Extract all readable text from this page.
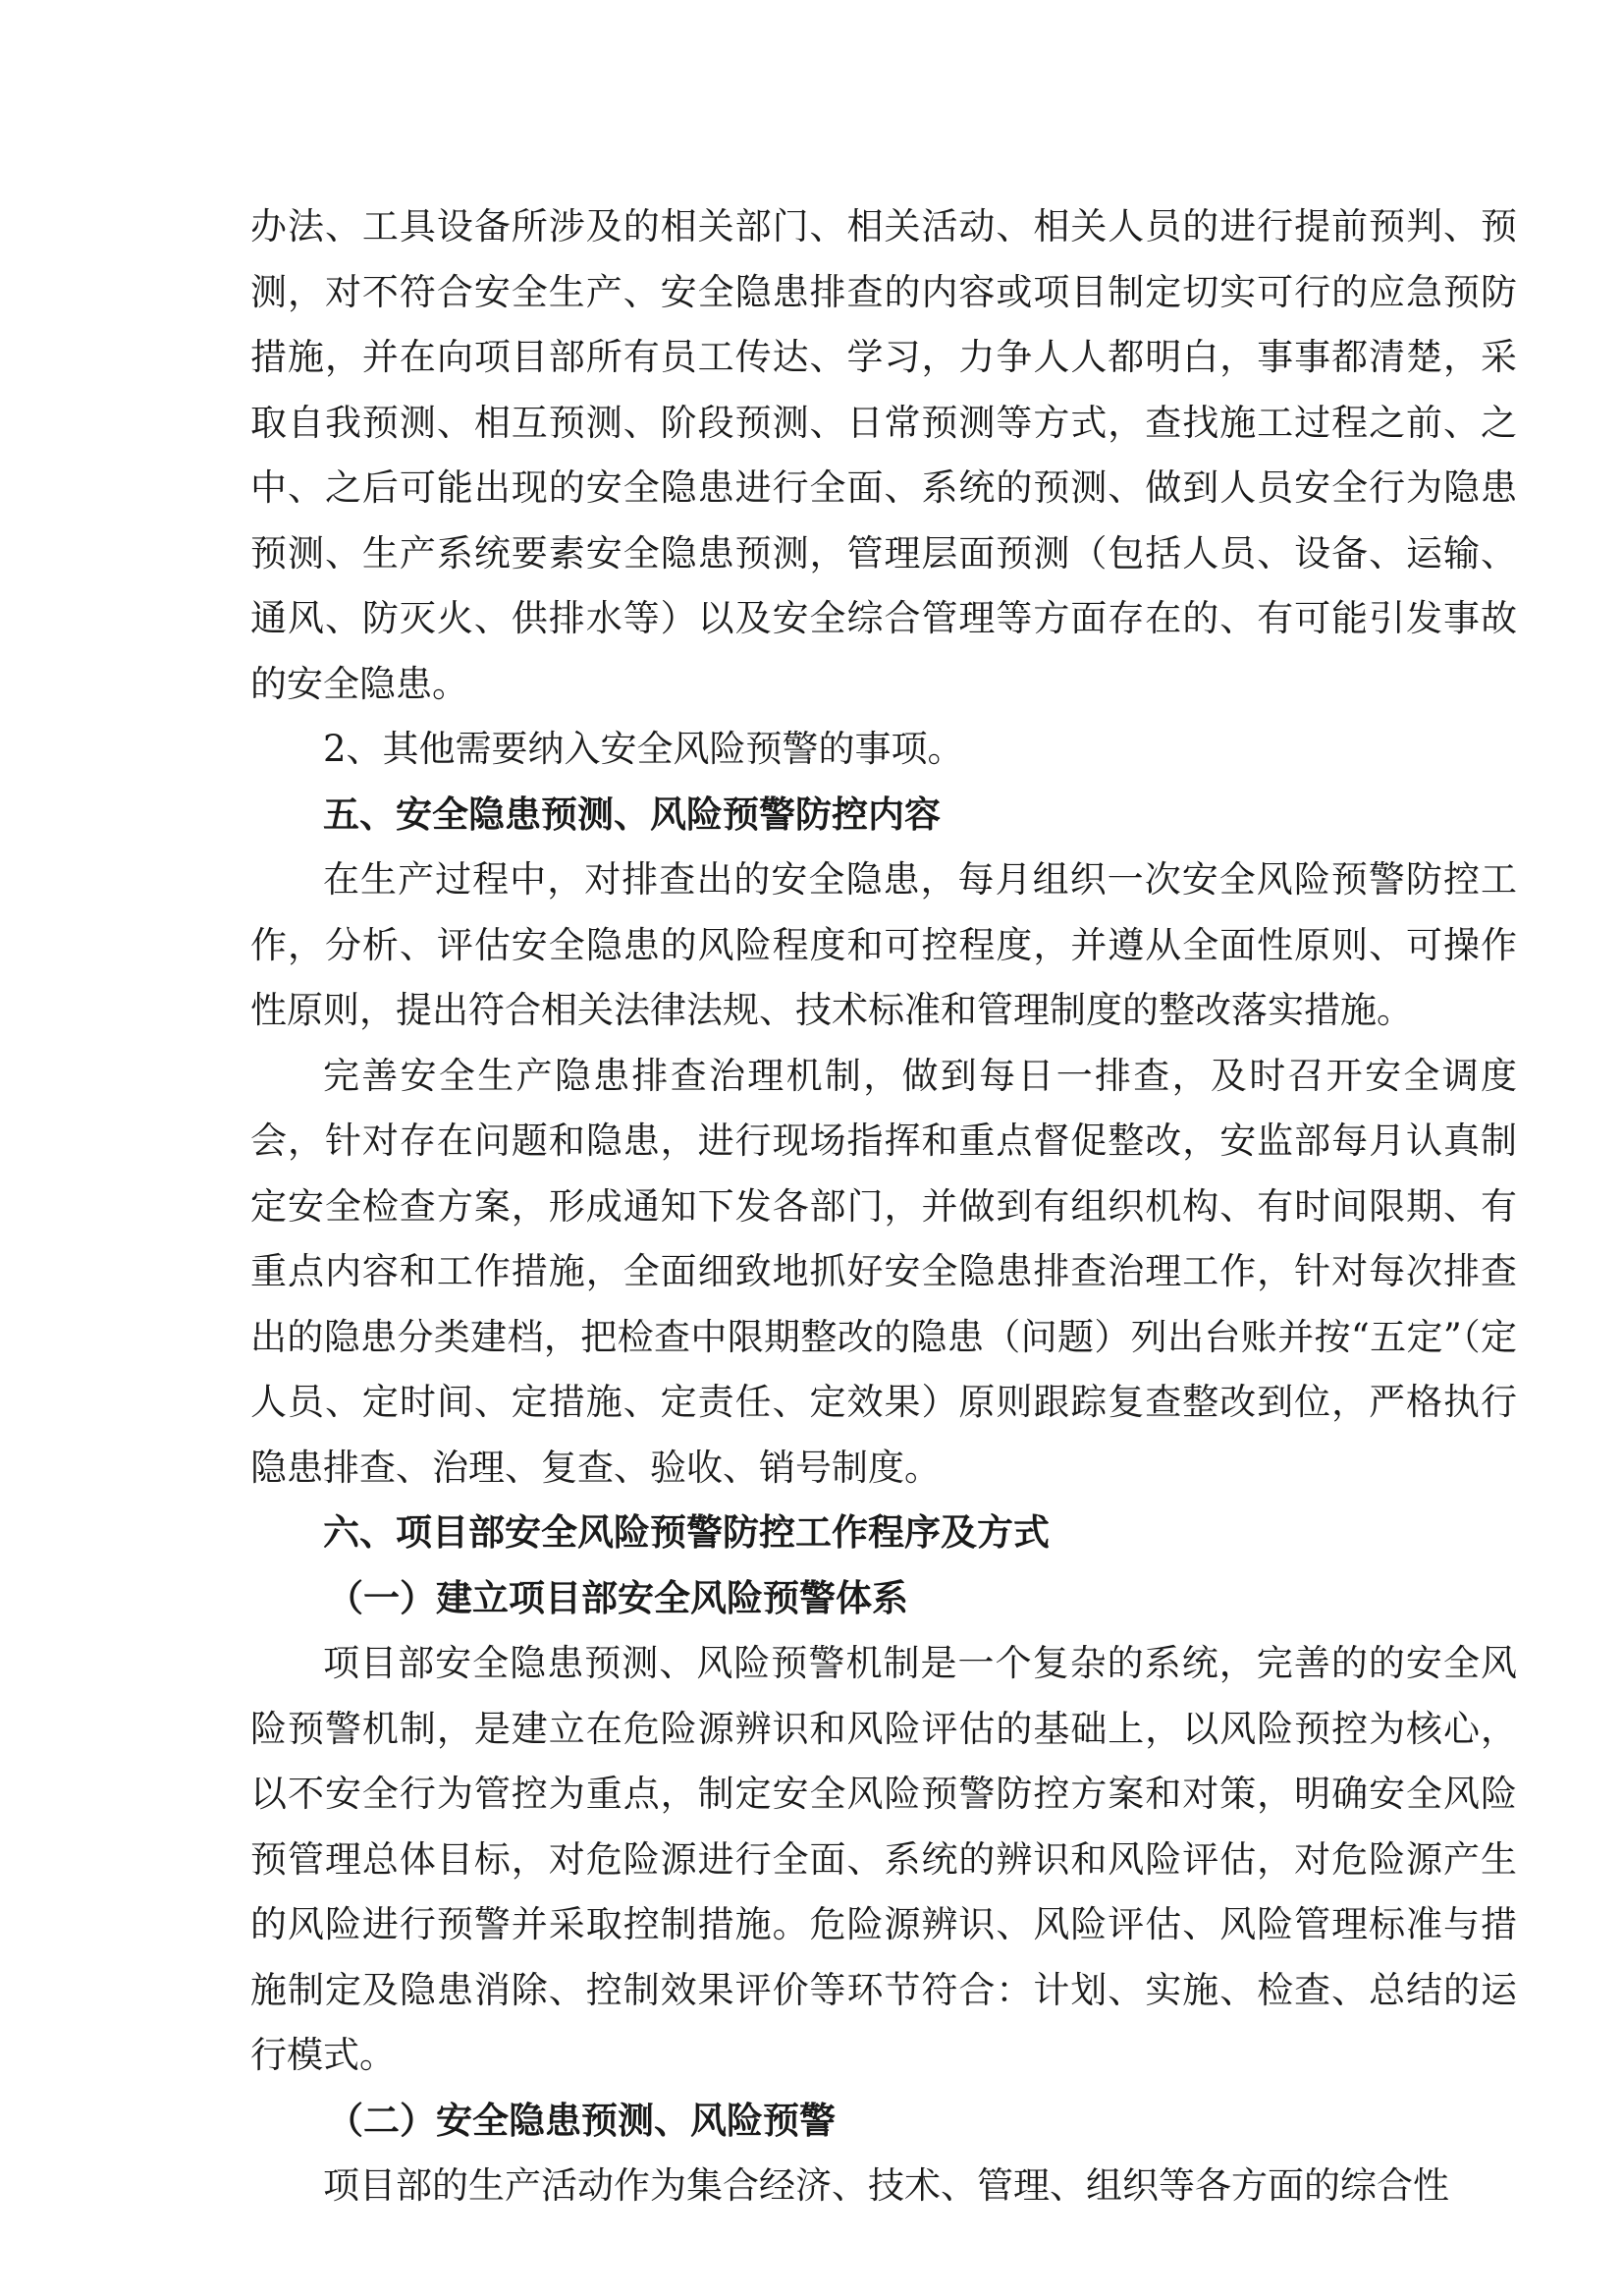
办法、工具设备所涉及的相关部门、相关活动、相关人员的进行提前预判、预测，对不符合安全生产、安全隐患排查的内容或项目制定切实可行的应急预防措施，并在向项目部所有员工传达、学习，力争人人都明白，事事都清楚，采取自我预测、相互预测、阶段预测、日常预测等方式，查找施工过程之前、之中、之后可能出现的安全隐患进行全面、系统的预测、做到人员安全行为隐患预测、生产系统要素安全隐患预测，管理层面预测（包括人员、设备、运输、通风、防灭火、供排水等）以及安全综合管理等方面存在的、有可能引发事故的安全隐患。

2、其他需要纳入安全风险预警的事项。

五、安全隐患预测、风险预警防控内容

在生产过程中，对排查出的安全隐患，每月组织一次安全风险预警防控工作，分析、评估安全隐患的风险程度和可控程度，并遵从全面性原则、可操作性原则，提出符合相关法律法规、技术标准和管理制度的整改落实措施。

完善安全生产隐患排查治理机制，做到每日一排查，及时召开安全调度会，针对存在问题和隐患，进行现场指挥和重点督促整改，安监部每月认真制定安全检查方案，形成通知下发各部门，并做到有组织机构、有时间限期、有重点内容和工作措施，全面细致地抓好安全隐患排查治理工作，针对每次排查出的隐患分类建档，把检查中限期整改的隐患（问题）列出台账并按“五定”（定人员、定时间、定措施、定责任、定效果）原则跟踪复查整改到位，严格执行隐患排查、治理、复查、验收、销号制度。

六、项目部安全风险预警防控工作程序及方式

（一）建立项目部安全风险预警体系

项目部安全隐患预测、风险预警机制是一个复杂的系统，完善的的安全风险预警机制，是建立在危险源辨识和风险评估的基础上，以风险预控为核心，以不安全行为管控为重点，制定安全风险预警防控方案和对策，明确安全风险预管理总体目标，对危险源进行全面、系统的辨识和风险评估，对危险源产生的风险进行预警并采取控制措施。危险源辨识、风险评估、风险管理标准与措施制定及隐患消除、控制效果评价等环节符合：计划、实施、检查、总结的运行模式。

（二）安全隐患预测、风险预警

项目部的生产活动作为集合经济、技术、管理、组织等各方面的综合性
